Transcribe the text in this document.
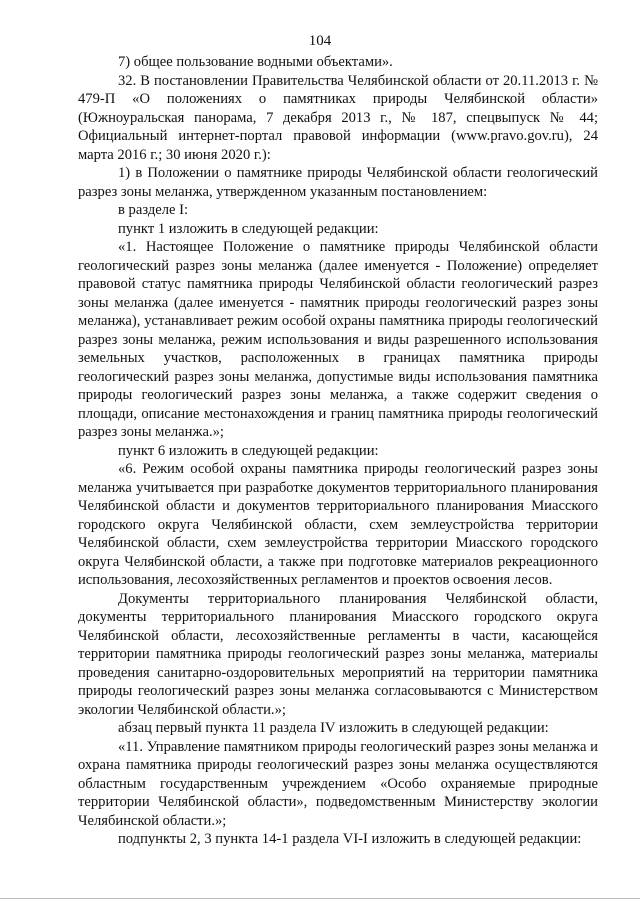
104

7) общее пользование водными объектами».

32. В постановлении Правительства Челябинской области от 20.11.2013 г. № 479-П «О положениях о памятниках природы Челябинской области» (Южноуральская панорама, 7 декабря 2013 г., № 187, спецвыпуск № 44; Официальный интернет-портал правовой информации (www.pravo.gov.ru), 24 марта 2016 г.; 30 июня 2020 г.):

1) в Положении о памятнике природы Челябинской области геологический разрез зоны меланжа, утвержденном указанным постановлением:

в разделе I:

пункт 1 изложить в следующей редакции:

«1. Настоящее Положение о памятнике природы Челябинской области геологический разрез зоны меланжа (далее именуется - Положение) определяет правовой статус памятника природы Челябинской области геологический разрез зоны меланжа (далее именуется - памятник природы геологический разрез зоны меланжа), устанавливает режим особой охраны памятника природы геологический разрез зоны меланжа, режим использования и виды разрешенного использования земельных участков, расположенных в границах памятника природы геологический разрез зоны меланжа, допустимые виды использования памятника природы геологический разрез зоны меланжа, а также содержит сведения о площади, описание местонахождения и границ памятника природы геологический разрез зоны меланжа.»;

пункт 6 изложить в следующей редакции:

«6. Режим особой охраны памятника природы геологический разрез зоны меланжа учитывается при разработке документов территориального планирования Челябинской области и документов территориального планирования Миасского городского округа Челябинской области, схем землеустройства территории Челябинской области, схем землеустройства территории Миасского городского округа Челябинской области, а также при подготовке материалов рекреационного использования, лесохозяйственных регламентов и проектов освоения лесов.

Документы территориального планирования Челябинской области, документы территориального планирования Миасского городского округа Челябинской области, лесохозяйственные регламенты в части, касающейся территории памятника природы геологический разрез зоны меланжа, материалы проведения санитарно-оздоровительных мероприятий на территории памятника природы геологический разрез зоны меланжа согласовываются с Министерством экологии Челябинской области.»;

абзац первый пункта 11 раздела IV изложить в следующей редакции:

«11. Управление памятником природы геологический разрез зоны меланжа и охрана памятника природы геологический разрез зоны меланжа осуществляются областным государственным учреждением «Особо охраняемые природные территории Челябинской области», подведомственным Министерству экологии Челябинской области.»;

подпункты 2, 3 пункта 14-1 раздела VI-I изложить в следующей редакции:
